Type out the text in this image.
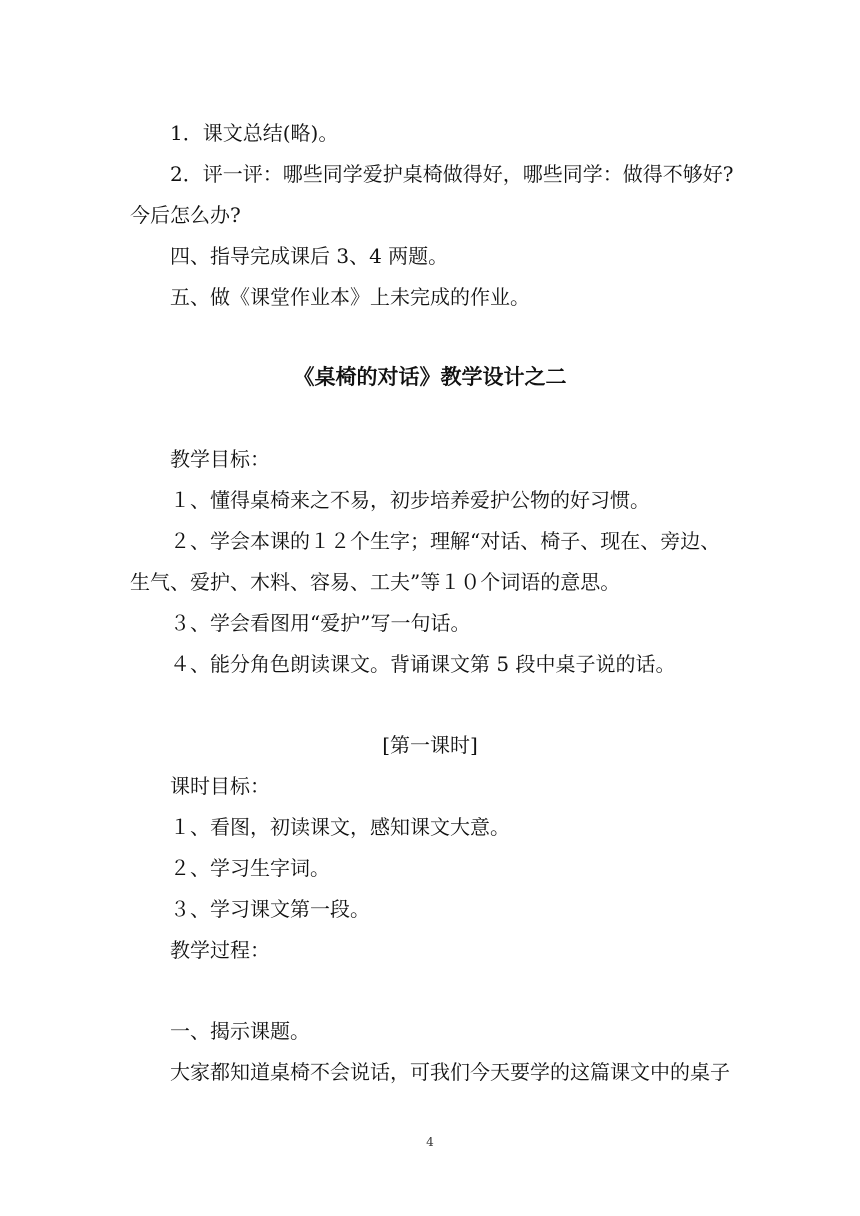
1．课文总结(略)。
2．评一评：哪些同学爱护桌椅做得好，哪些同学：做得不够好?
今后怎么办?
四、指导完成课后 3、4 两题。
五、做《课堂作业本》上未完成的作业。
《桌椅的对话》教学设计之二
教学目标：
１、懂得桌椅来之不易，初步培养爱护公物的好习惯。
２、学会本课的１２个生字；理解“对话、椅子、现在、旁边、
生气、爱护、木料、容易、工夫”等１０个词语的意思。
３、学会看图用“爱护”写一句话。
４、能分角色朗读课文。背诵课文第 5 段中桌子说的话。
[第一课时]
课时目标：
１、看图，初读课文，感知课文大意。
２、学习生字词。
３、学习课文第一段。
教学过程：
一、揭示课题。
大家都知道桌椅不会说话，可我们今天要学的这篇课文中的桌子
4
